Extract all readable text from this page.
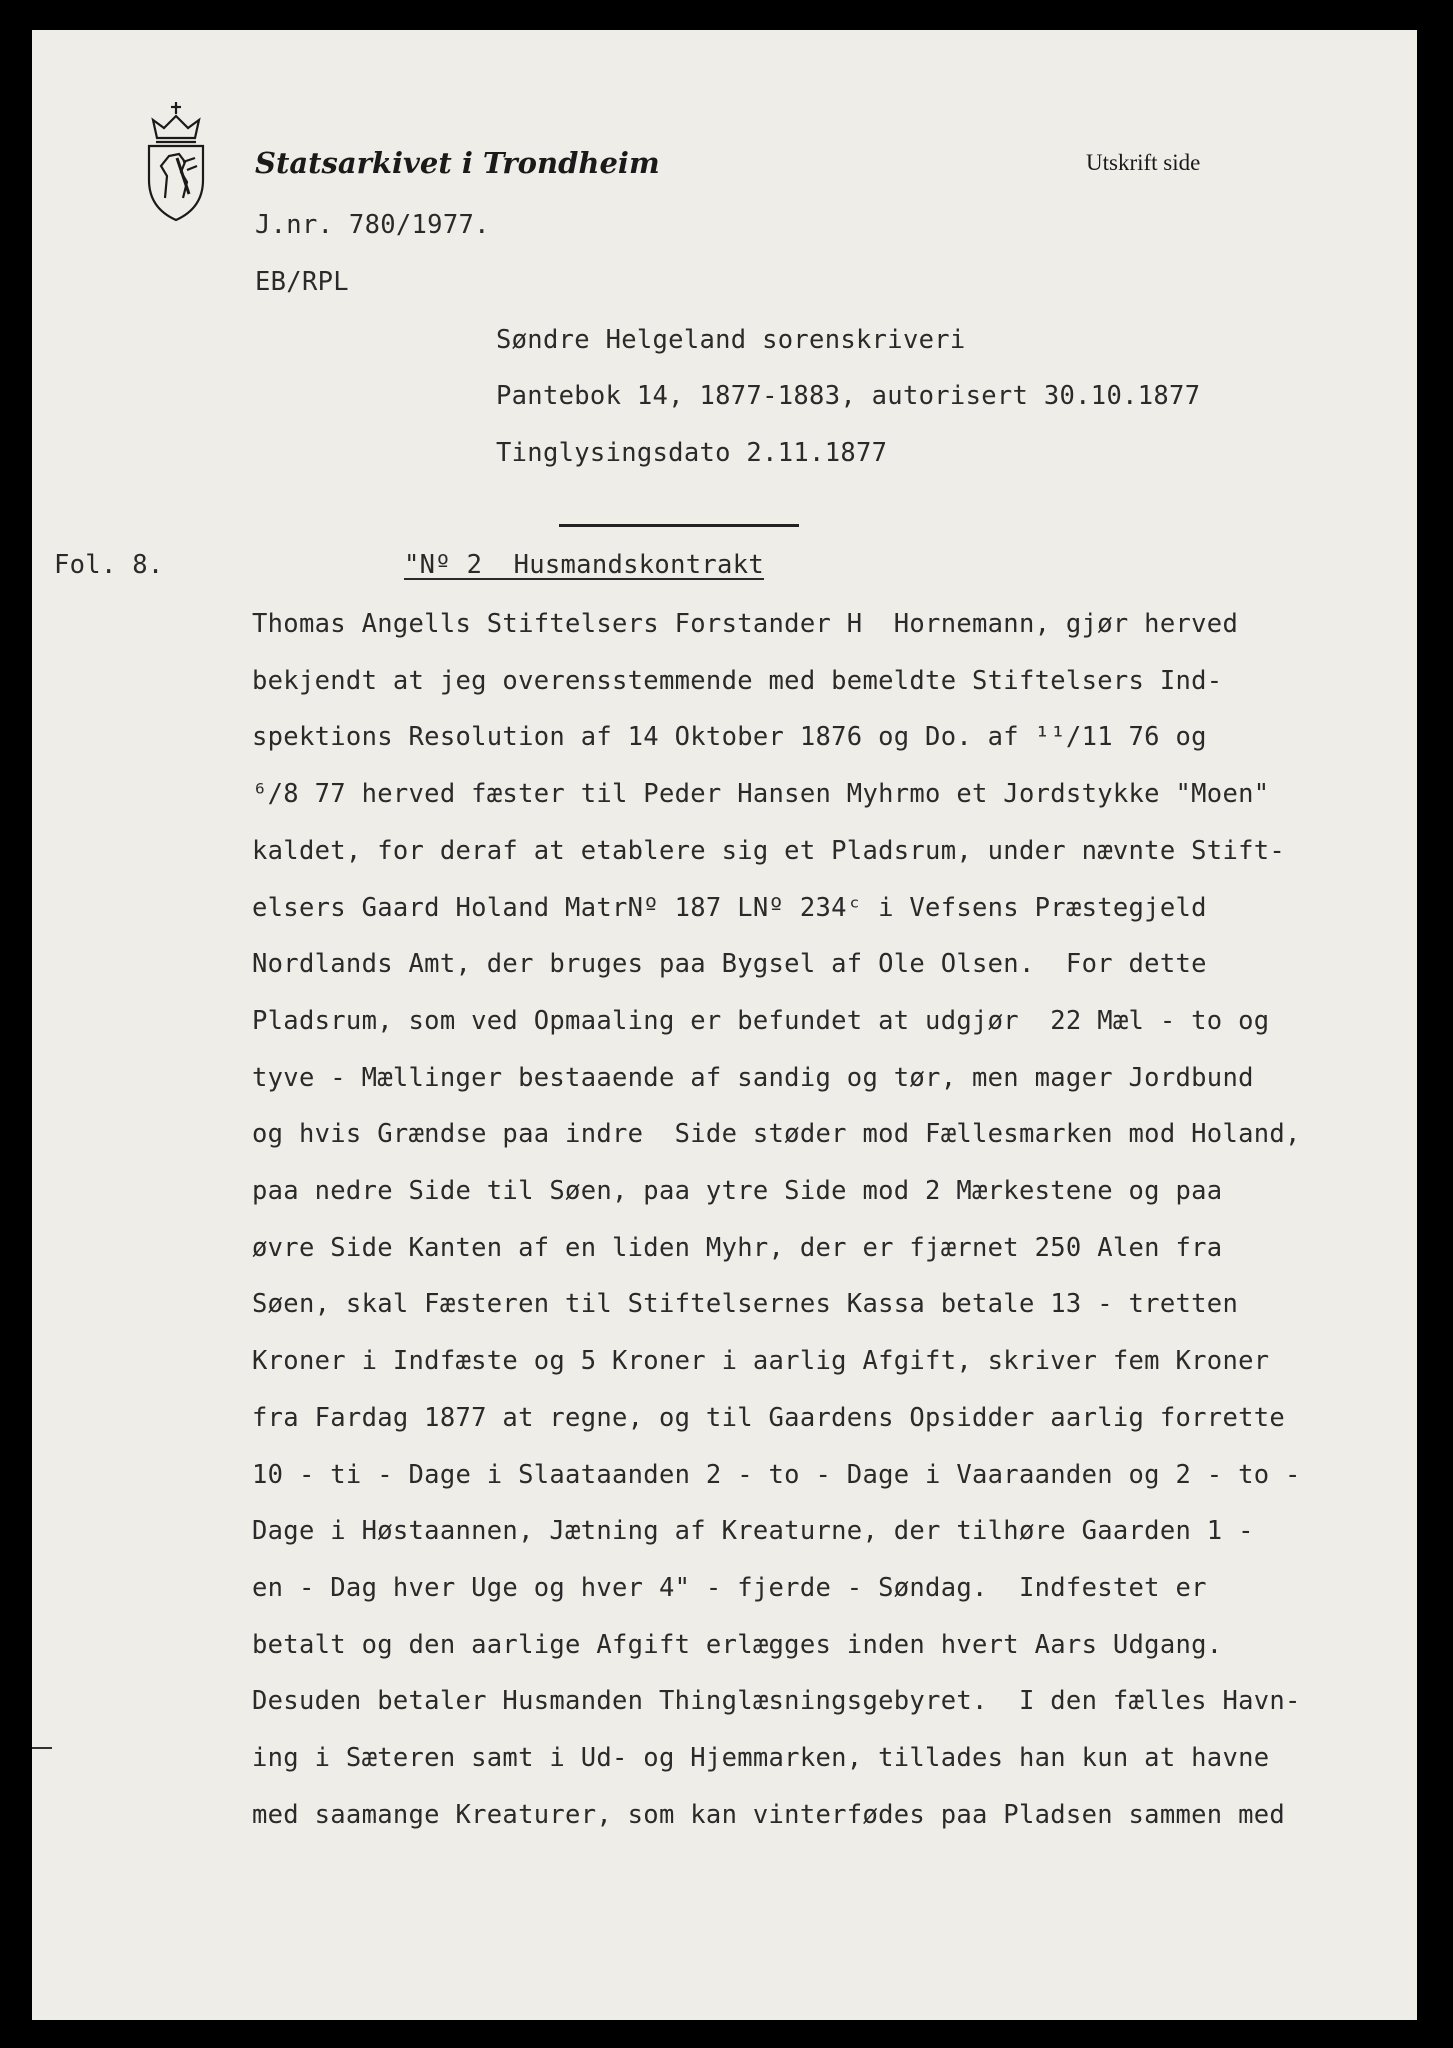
Statsarkivet i Trondheim	Utskrift side
J.nr. 780/1977.
EB/RPL
Søndre Helgeland sorenskriveri
Pantebok 14, 1877-1883, autorisert 30.10.1877
Tinglysingsdato 2.11.1877
Fol. 8.	"Nº 2  Husmandskontrakt
Thomas Angells Stiftelsers Forstander H  Hornemann, gjør herved
bekjendt at jeg overensstemmende med bemeldte Stiftelsers Ind-
spektions Resolution af 14 Oktober 1876 og Do. af ¹¹/11 76 og
⁶/8 77 herved fæster til Peder Hansen Myhrmo et Jordstykke "Moen"
kaldet, for deraf at etablere sig et Pladsrum, under nævnte Stift-
elsers Gaard Holand MatrNº 187 LNº 234ᶜ i Vefsens Præstegjeld
Nordlands Amt, der bruges paa Bygsel af Ole Olsen.  For dette
Pladsrum, som ved Opmaaling er befundet at udgjør  22 Mæl - to og
tyve - Mællinger bestaaende af sandig og tør, men mager Jordbund
og hvis Grændse paa indre  Side støder mod Fællesmarken mod Holand,
paa nedre Side til Søen, paa ytre Side mod 2 Mærkestene og paa
øvre Side Kanten af en liden Myhr, der er fjærnet 250 Alen fra
Søen, skal Fæsteren til Stiftelsernes Kassa betale 13 - tretten
Kroner i Indfæste og 5 Kroner i aarlig Afgift, skriver fem Kroner
fra Fardag 1877 at regne, og til Gaardens Opsidder aarlig forrette
10 - ti - Dage i Slaataanden 2 - to - Dage i Vaaraanden og 2 - to -
Dage i Høstaannen, Jætning af Kreaturne, der tilhøre Gaarden 1 -
en - Dag hver Uge og hver 4" - fjerde - Søndag.  Indfestet er
betalt og den aarlige Afgift erlægges inden hvert Aars Udgang.
Desuden betaler Husmanden Thinglæsningsgebyret.  I den fælles Havn-
ing i Sæteren samt i Ud- og Hjemmarken, tillades han kun at havne
med saamange Kreaturer, som kan vinterfødes paa Pladsen sammen med
